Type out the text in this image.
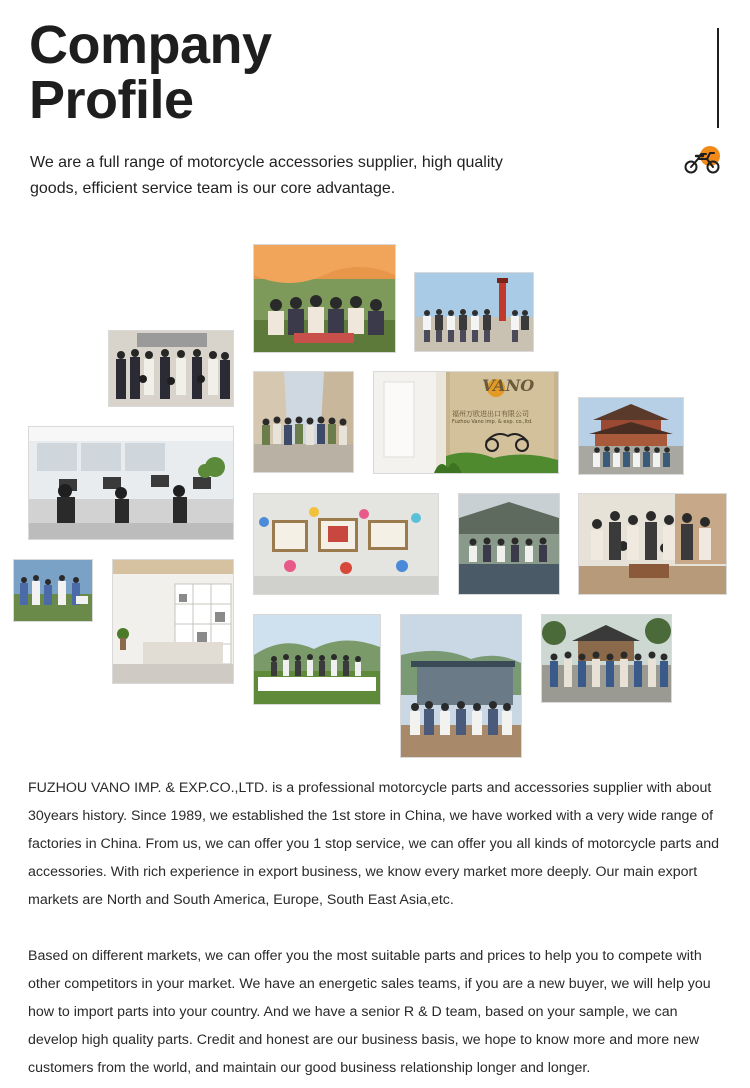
Company
Profile

We are a full range of motorcycle accessories supplier, high quality goods, efficient service team is our core advantage.

VANO
福州万欧进出口有限公司
Fuzhou Vano imp. & exp. co.,ltd.

FUZHOU VANO IMP. & EXP.CO.,LTD. is a professional motorcycle parts and accessories supplier with about 30years history. Since 1989, we established the 1st store in China, we have worked with a very wide range of factories in China. From us, we can offer you 1 stop service, we can offer you all kinds of motorcycle parts and accessories. With rich experience in export business, we know every market more deeply. Our main export markets are North and South America, Europe, South East Asia,etc.

Based on different markets, we can offer you the most suitable parts and prices to help you to compete with other competitors in your market. We have an energetic sales teams, if you are a new buyer, we will help you how to import parts into your country. And we have a senior R & D team, based on your sample, we can develop high quality parts. Credit and honest are our business basis, we hope to know more and more new customers from the world, and maintain our good business relationship longer and longer.
